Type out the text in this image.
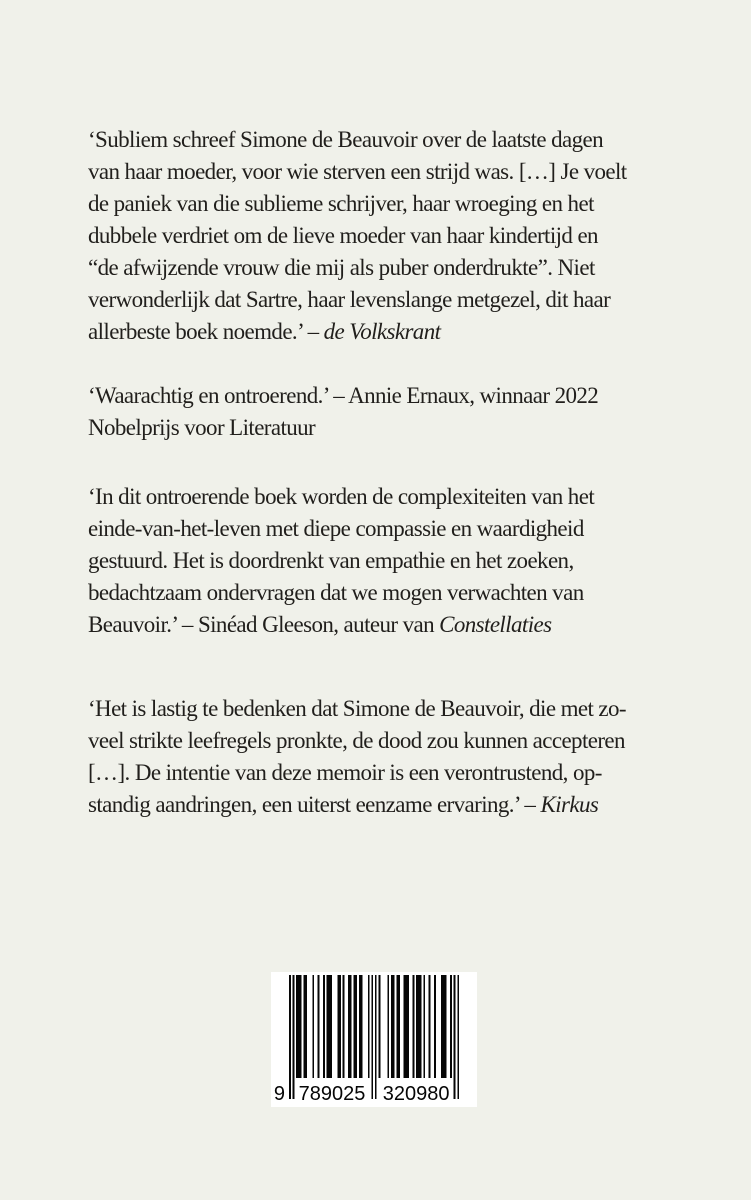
‘Subliem schreef Simone de Beauvoir over de laatste dagen
van haar moeder, voor wie sterven een strijd was. […] Je voelt
de paniek van die sublieme schrijver, haar wroeging en het
dubbele verdriet om de lieve moeder van haar kindertijd en
“de afwijzende vrouw die mij als puber onderdrukte”. Niet
verwonderlijk dat Sartre, haar levenslange metgezel, dit haar
allerbeste boek noemde.’ – de Volkskrant
‘Waarachtig en ontroerend.’ – Annie Ernaux, winnaar 2022
Nobelprijs voor Literatuur
‘In dit ontroerende boek worden de complexiteiten van het
einde-van-het-leven met diepe compassie en waardigheid
gestuurd. Het is doordrenkt van empathie en het zoeken,
bedachtzaam ondervragen dat we mogen verwachten van
Beauvoir.’ – Sinéad Gleeson, auteur van Constellaties
‘Het is lastig te bedenken dat Simone de Beauvoir, die met zo-
veel strikte leefregels pronkte, de dood zou kunnen accepteren
[…]. De intentie van deze memoir is een verontrustend, op-
standig aandringen, een uiterst eenzame ervaring.’ – Kirkus
9 789025 320980
